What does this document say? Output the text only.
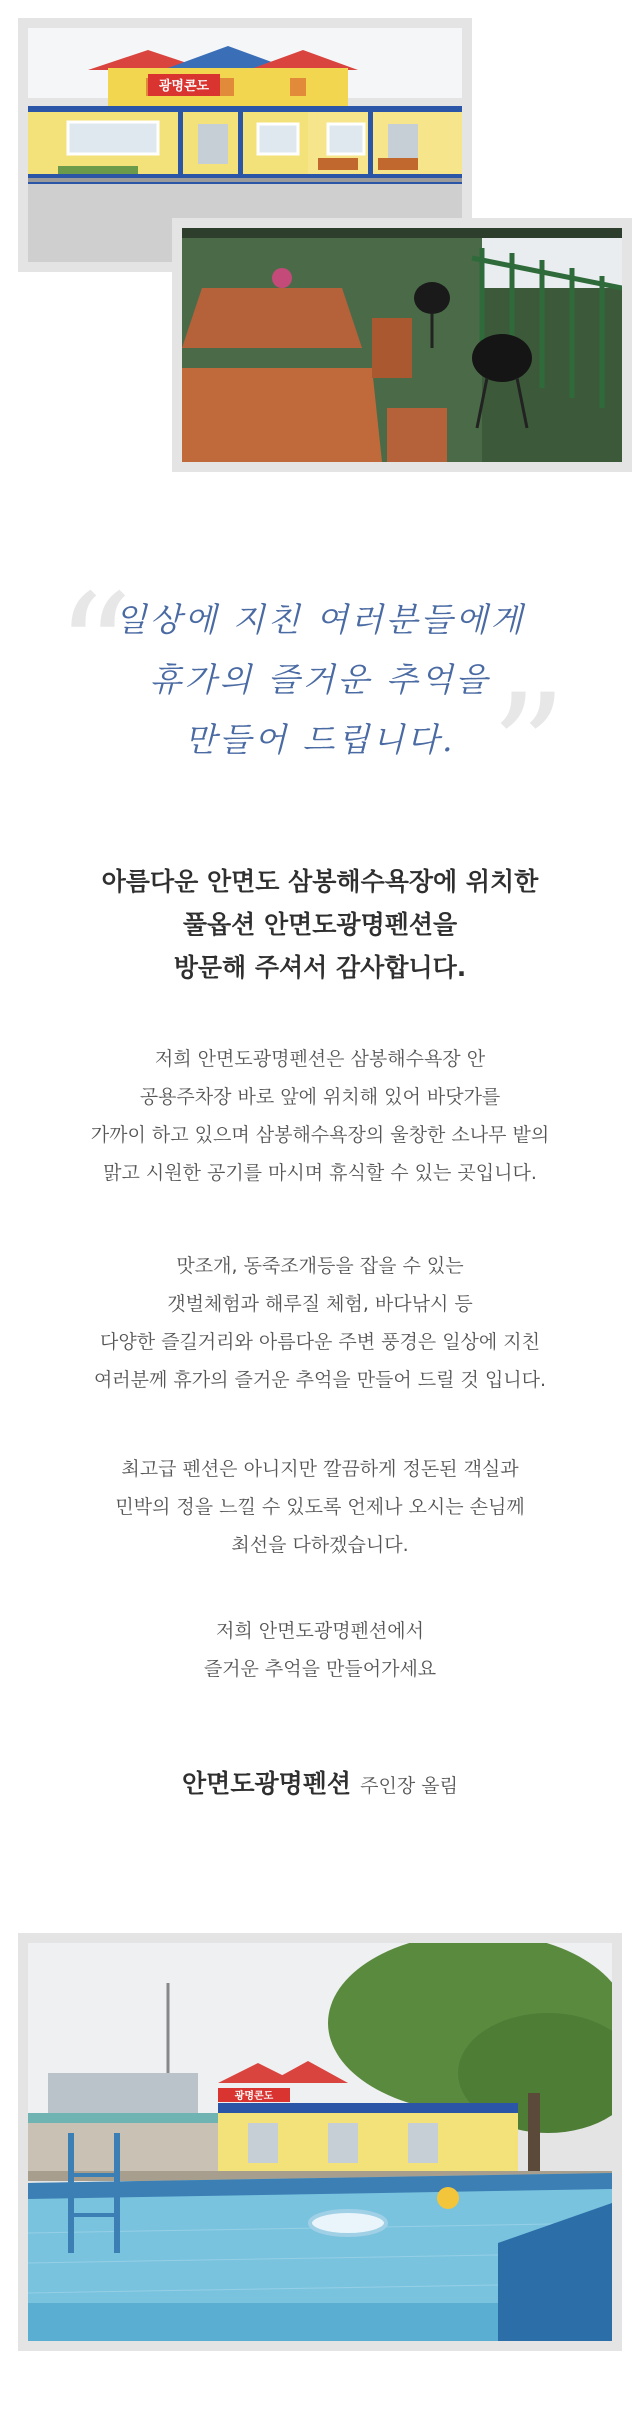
광명콘도
“
”
일상에 지친 여러분들에게
휴가의 즐거운 추억을
만들어 드립니다.
아름다운 안면도 삼봉해수욕장에 위치한
풀옵션 안면도광명펜션을
방문해 주셔서 감사합니다.
저희 안면도광명펜션은 삼봉해수욕장 안
공용주차장 바로 앞에 위치해 있어 바닷가를
가까이 하고 있으며 삼봉해수욕장의 울창한 소나무 밭의
맑고 시원한 공기를 마시며 휴식할 수 있는 곳입니다.
맛조개, 동죽조개등을 잡을 수 있는
갯벌체험과 해루질 체험, 바다낚시 등
다양한 즐길거리와 아름다운 주변 풍경은 일상에 지친
여러분께 휴가의 즐거운 추억을 만들어 드릴 것 입니다.
최고급 펜션은 아니지만 깔끔하게 정돈된 객실과
민박의 정을 느낄 수 있도록 언제나 오시는 손님께
최선을 다하겠습니다.
저희 안면도광명펜션에서
즐거운 추억을 만들어가세요
안면도광명펜션 주인장 올림
광명콘도
